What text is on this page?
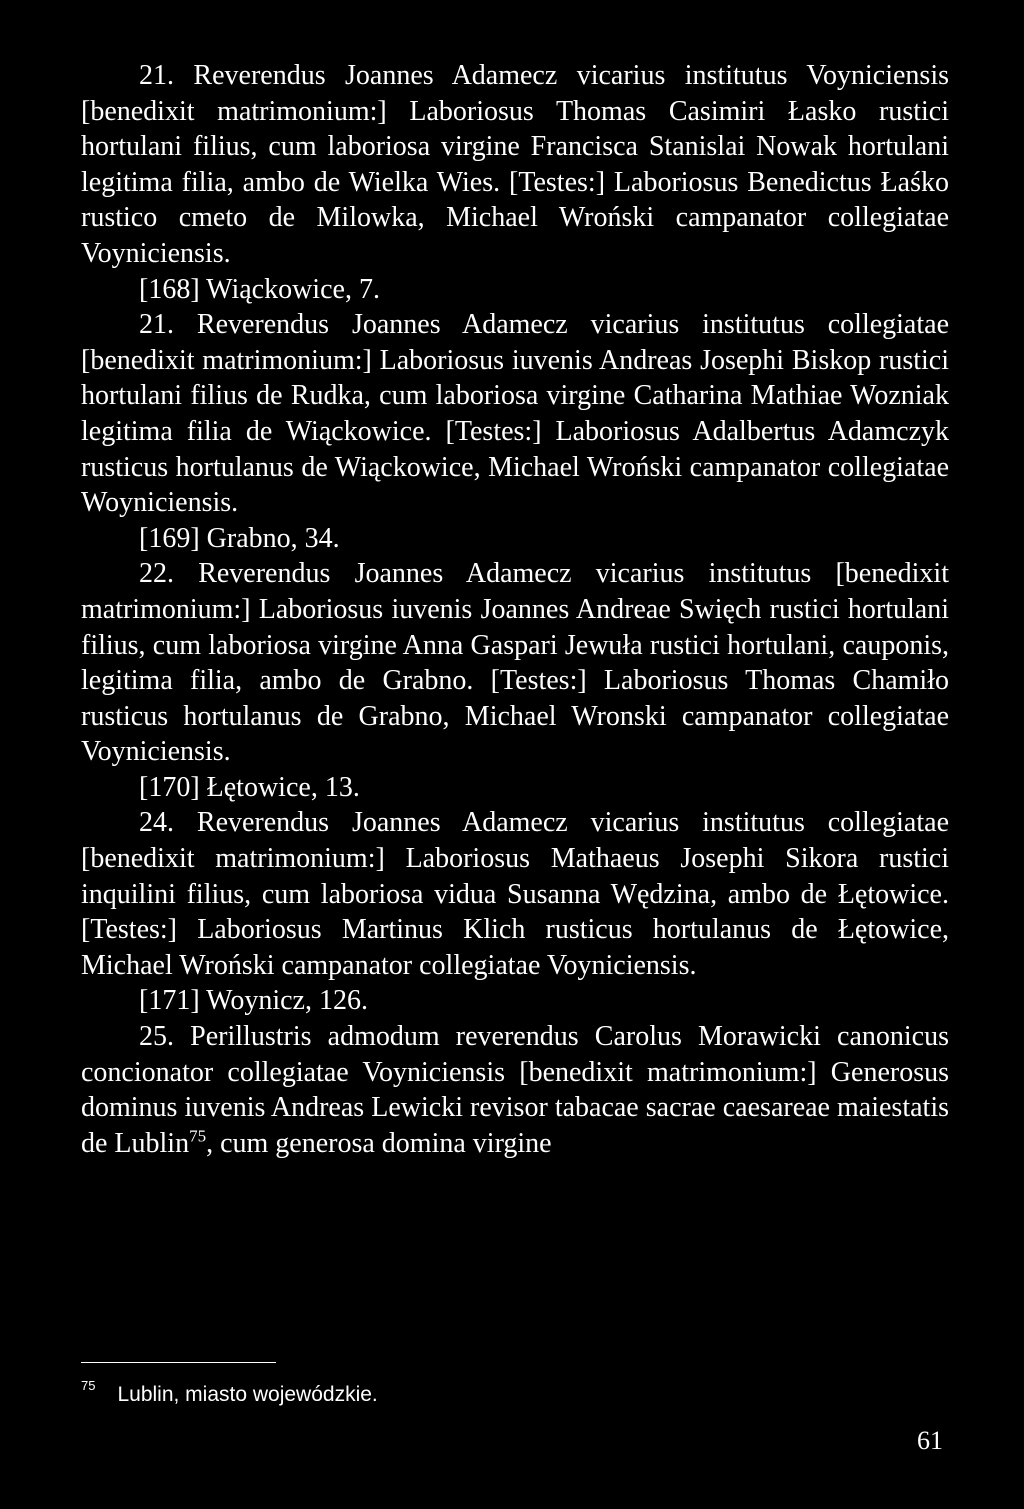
21. Reverendus Joannes Adamecz vicarius institutus Voyniciensis [benedixit matrimonium:] Laboriosus Thomas Casimiri Łasko rustici hortulani filius, cum laboriosa virgine Francisca Stanislai Nowak hortulani legitima filia, ambo de Wielka Wies. [Testes:] Laboriosus Benedictus Łaśko rustico cmeto de Milowka, Michael Wroński campanator collegiatae Voyniciensis.

[168] Wiąckowice, 7.

21. Reverendus Joannes Adamecz vicarius institutus collegiatae [benedixit matrimonium:] Laboriosus iuvenis Andreas Josephi Biskop rustici hortulani filius de Rudka, cum laboriosa virgine Catharina Mathiae Wozniak legitima filia de Wiąckowice. [Testes:] Laboriosus Adalbertus Adamczyk rusticus hortulanus de Wiąckowice, Michael Wroński campanator collegiatae Woyniciensis.

[169] Grabno, 34.

22. Reverendus Joannes Adamecz vicarius institutus [benedixit matrimonium:] Laboriosus iuvenis Joannes Andreae Swięch rustici hortulani filius, cum laboriosa virgine Anna Gaspari Jewuła rustici hortulani, cauponis, legitima filia, ambo de Grabno. [Testes:] Laboriosus Thomas Chamiło rusticus hortulanus de Grabno, Michael Wronski campanator collegiatae Voyniciensis.

[170] Łętowice, 13.

24. Reverendus Joannes Adamecz vicarius institutus collegiatae [benedixit matrimonium:] Laboriosus Mathaeus Josephi Sikora rustici inquilini filius, cum laboriosa vidua Susanna Wędzina, ambo de Łętowice. [Testes:] Laboriosus Martinus Klich rusticus hortulanus de Łętowice, Michael Wroński campanator collegiatae Voyniciensis.

[171] Woynicz, 126.

25. Perillustris admodum reverendus Carolus Morawicki canonicus concionator collegiatae Voyniciensis [benedixit matrimonium:] Generosus dominus iuvenis Andreas Lewicki revisor tabacae sacrae caesareae maiestatis de Lublin$^{75}$, cum generosa domina virgine

$^{75}$ Lublin, miasto wojewódzkie.
61
